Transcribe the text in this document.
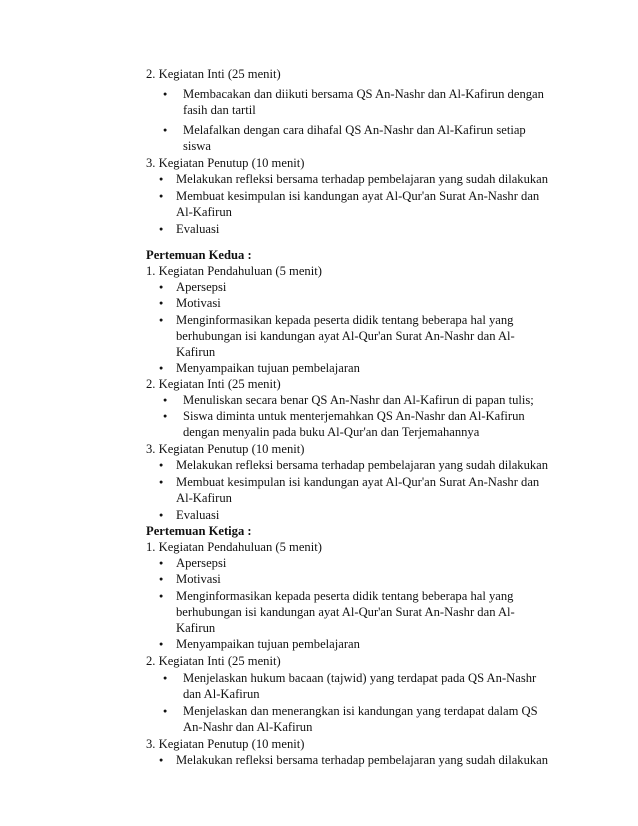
2. Kegiatan Inti (25 menit)
● Membacakan dan diikuti bersama QS An-Nashr dan Al-Kafirun dengan
fasih dan tartil
● Melafalkan dengan cara dihafal QS An-Nashr dan Al-Kafirun setiap
siswa
3. Kegiatan Penutup (10 menit)
● Melakukan refleksi bersama terhadap pembelajaran yang sudah dilakukan
● Membuat kesimpulan isi kandungan ayat Al-Qur'an Surat An-Nashr dan
Al-Kafirun
● Evaluasi
Pertemuan Kedua :
1. Kegiatan Pendahuluan (5 menit)
● Apersepsi
● Motivasi
● Menginformasikan kepada peserta didik tentang beberapa hal yang
berhubungan isi kandungan ayat Al-Qur'an Surat An-Nashr dan Al-
Kafirun
● Menyampaikan tujuan pembelajaran
2. Kegiatan Inti (25 menit)
● Menuliskan secara benar QS An-Nashr dan Al-Kafirun di papan tulis;
● Siswa diminta untuk menterjemahkan QS An-Nashr dan Al-Kafirun
dengan menyalin pada buku Al-Qur'an dan Terjemahannya
3. Kegiatan Penutup (10 menit)
● Melakukan refleksi bersama terhadap pembelajaran yang sudah dilakukan
● Membuat kesimpulan isi kandungan ayat Al-Qur'an Surat An-Nashr dan
Al-Kafirun
● Evaluasi
Pertemuan Ketiga :
1. Kegiatan Pendahuluan (5 menit)
● Apersepsi
● Motivasi
● Menginformasikan kepada peserta didik tentang beberapa hal yang
berhubungan isi kandungan ayat Al-Qur'an Surat An-Nashr dan Al-
Kafirun
● Menyampaikan tujuan pembelajaran
2. Kegiatan Inti (25 menit)
● Menjelaskan hukum bacaan (tajwid) yang terdapat pada QS An-Nashr
dan Al-Kafirun
● Menjelaskan dan menerangkan isi kandungan yang terdapat dalam QS
An-Nashr dan Al-Kafirun
3. Kegiatan Penutup (10 menit)
● Melakukan refleksi bersama terhadap pembelajaran yang sudah dilakukan
